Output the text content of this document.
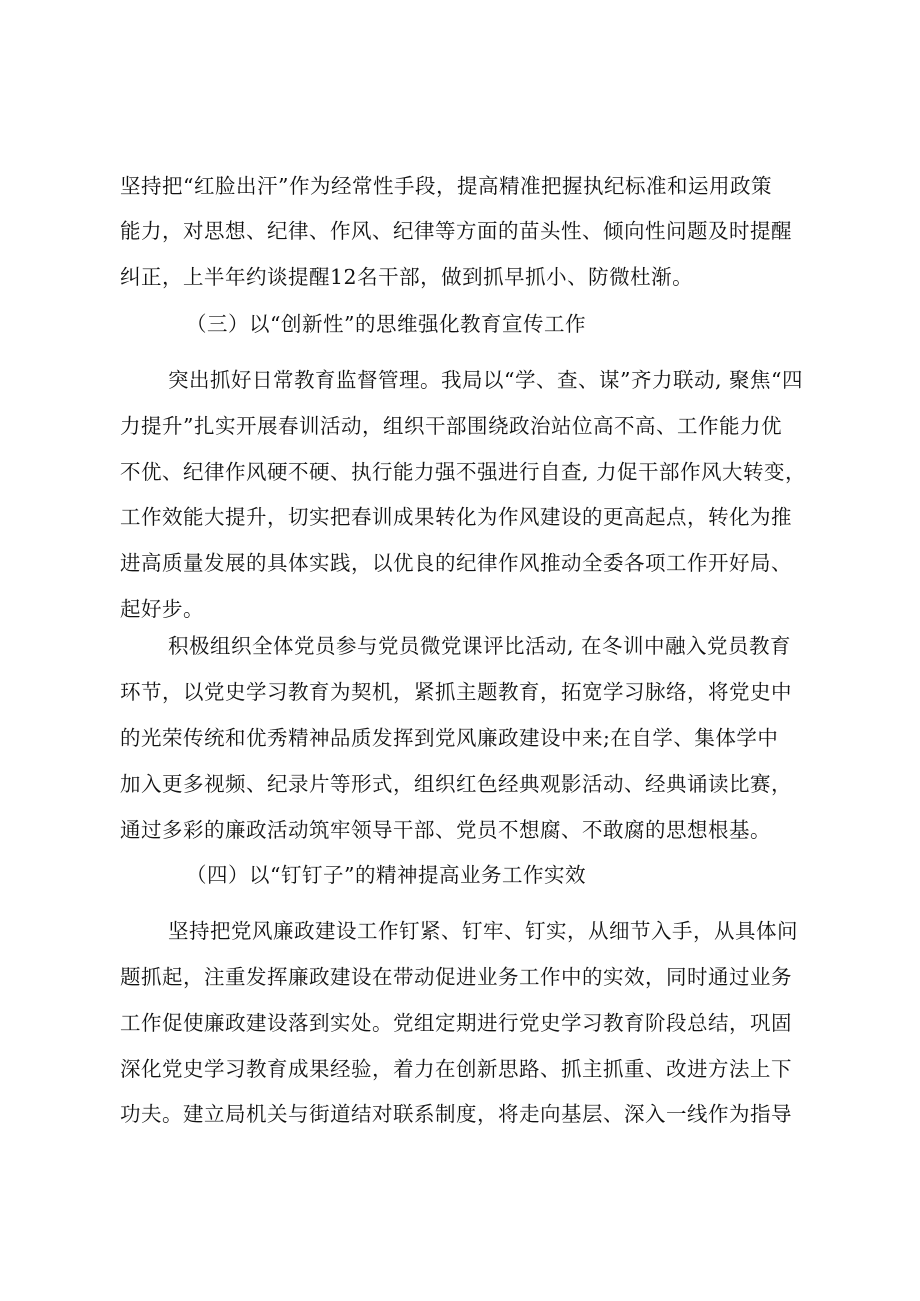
坚持把“红脸出汗”作为经常性手段，提高精准把握执纪标准和运用政策
能力，对思想、纪律、作风、纪律等方面的苗头性、倾向性问题及时提醒
纠正，上半年约谈提醒12名干部，做到抓早抓小、防微杜渐。
（三）以“创新性”的思维强化教育宣传工作
突出抓好日常教育监督管理。我局以“学、查、谋”齐力联动, 聚焦“四
力提升”扎实开展春训活动，组织干部围绕政治站位高不高、工作能力优
不优、纪律作风硬不硬、执行能力强不强进行自查, 力促干部作风大转变，
工作效能大提升，切实把春训成果转化为作风建设的更高起点，转化为推
进高质量发展的具体实践，以优良的纪律作风推动全委各项工作开好局、
起好步。
积极组织全体党员参与党员微党课评比活动, 在冬训中融入党员教育
环节，以党史学习教育为契机，紧抓主题教育，拓宽学习脉络，将党史中
的光荣传统和优秀精神品质发挥到党风廉政建设中来;在自学、集体学中
加入更多视频、纪录片等形式，组织红色经典观影活动、经典诵读比赛，
通过多彩的廉政活动筑牢领导干部、党员不想腐、不敢腐的思想根基。
（四）以“钉钉子”的精神提高业务工作实效
坚持把党风廉政建设工作钉紧、钉牢、钉实，从细节入手，从具体问
题抓起，注重发挥廉政建设在带动促进业务工作中的实效，同时通过业务
工作促使廉政建设落到实处。党组定期进行党史学习教育阶段总结，巩固
深化党史学习教育成果经验，着力在创新思路、抓主抓重、改进方法上下
功夫。建立局机关与街道结对联系制度，将走向基层、深入一线作为指导
